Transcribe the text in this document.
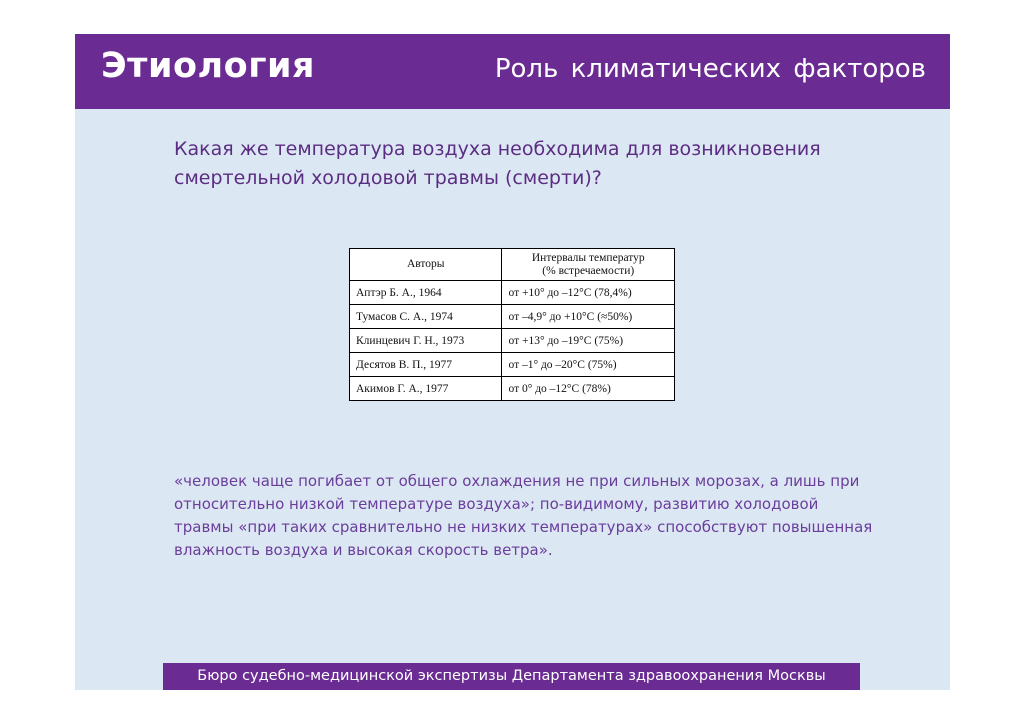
Этиология	Роль климатических факторов
Какая же температура воздуха необходима для возникновения смертельной холодовой травмы (смерти)?
Авторы	Интервалы температур
(% встречаемости)
Аптэр Б. А., 1964	от +10° до –12°С (78,4%)
Тумасов С. А., 1974	от –4,9° до +10°С (≈50%)
Клинцевич Г. Н., 1973	от +13° до –19°С (75%)
Десятов В. П., 1977	от –1° до –20°С (75%)
Акимов Г. А., 1977	от 0° до –12°С (78%)
«человек чаще погибает от общего охлаждения не при сильных морозах, а лишь при относительно низкой температуре воздуха»; по-видимому, развитию холодовой травмы «при таких сравнительно не низких температурах» способствуют повышенная влажность воздуха и высокая скорость ветра».
Бюро судебно-медицинской экспертизы Департамента здравоохранения Москвы
